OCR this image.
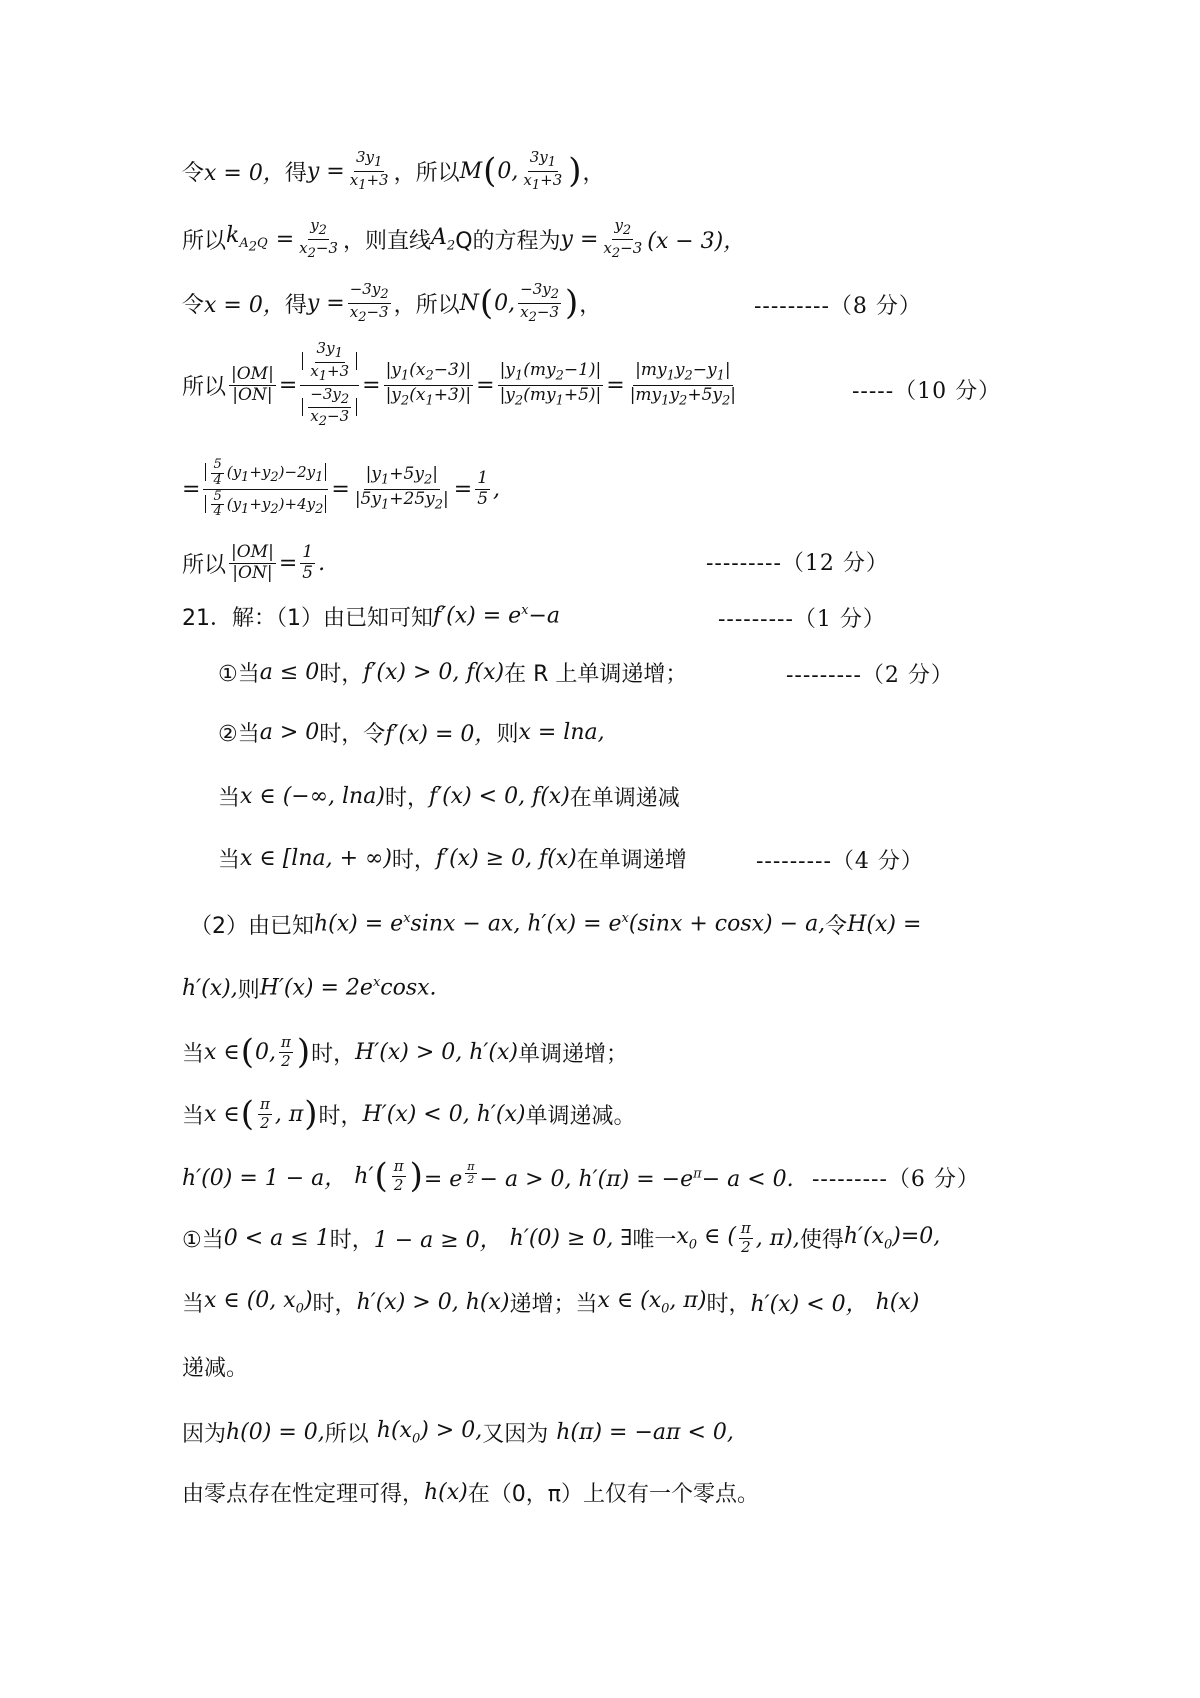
令 x = 0， 得 $y = \frac{3y_1}{x_1+3}$ ，所以 M ( 0, $\frac{3y_1}{x_1+3}$ ) ，
所以 $k_{A_2Q} = \frac{y_2}{x_2-3}$ ，则直线 $A_2$ Q的方程为 $y = \frac{y_2}{x_2-3} (x - 3)$，
令 x = 0， 得 $y = \frac{-3y_2}{x_2-3}$ ，所以 N ( 0, $\frac{-3y_2}{x_2-3}$ ) ，	---------（8 分）
所以 $\frac{|OM|}{|ON|} = \frac{\frac{3y_1}{x_1+3}}{\frac{-3y_2}{x_2-3}} = \frac{|y_1(x_2-3)|}{|y_2(x_1+3)|} = \frac{|y_1(my_2-1)|}{|y_2(my_1+5)|} = \frac{|my_1y_2-y_1|}{|my_1y_2+5y_2|}$	-----（10 分）
= $\frac{\frac{5}{4} (y_1+y_2)-2y_1}{\frac{5}{4} (y_1+y_2)+4y_2} = \frac{|y_1+5y_2|}{|5y_1+25y_2|} = \frac{1}{5}$ ,
所以 $\frac{|OM|}{|ON|} = \frac{1}{5}$ .	---------（12 分）
21．解：（1）由已知可知 $f'(x) = e^x-a$	---------（1 分）
①当 a ≤ 0 时， f′(x) > 0, f(x) 在 R 上单调递增；	---------（2 分）
②当 a > 0 时，令 f′(x) = 0， 则 x = lna,
当 x ∈ (−∞, lna) 时， f′(x) < 0, f(x) 在单调递减
当 x ∈ [lna, + ∞) 时， f′(x) ≥ 0, f(x) 在单调递增	---------（4 分）
（2）由已知 $h(x) = e^x\sin x$ − ax, $h'(x) = e^x(\sin x + \cos x) - a$, 令 H(x) =
h′(x), 则 $H'(x) = 2e^x\cos x$.
当 x ∈ ( 0, $\frac{\pi}{2}$ ) 时， H′(x) > 0, h′(x) 单调递增；
当 x ∈ ( $\frac{\pi}{2}$ , π ) 时， H′(x) < 0, h′(x) 单调递减。
h′(0) = 1 − a， h′ ( $\frac{\pi}{2}$ ) = e $^{\frac{\pi}{2}}$ − a > 0, $h'(\pi) = -e^\pi- a < 0$. ---------（6 分）
①当 0 < a ≤ 1 时， 1 − a ≥ 0， h′(0) ≥ 0, ∃ 唯一 $x_0$ ∈ ( $\frac{\pi}{2}$ , π), 使得 $h'(x_0)=0$,
当 x ∈ (0, $x_0$) 时， h′(x) > 0, h(x) 递增；当 x ∈ ($x_0$, π) 时， h′(x) < 0， h(x)
递减。
因为 h(0) = 0, 所以 $h(x_0) > 0$, 又因为 h(π) = −aπ < 0,
由零点存在性定理可得， h(x) 在（0，π）上仅有一个零点。
